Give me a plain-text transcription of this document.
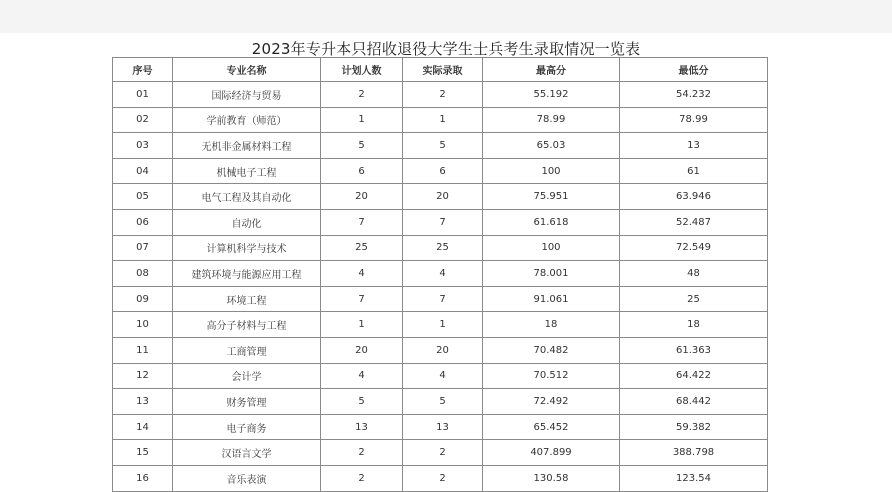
2023年专升本只招收退役大学生士兵考生录取情况一览表
序号	专业名称	计划人数	实际录取	最高分	最低分
01	国际经济与贸易	2	2	55.192	54.232
02	学前教育（师范）	1	1	78.99	78.99
03	无机非金属材料工程	5	5	65.03	13
04	机械电子工程	6	6	100	61
05	电气工程及其自动化	20	20	75.951	63.946
06	自动化	7	7	61.618	52.487
07	计算机科学与技术	25	25	100	72.549
08	建筑环境与能源应用工程	4	4	78.001	48
09	环境工程	7	7	91.061	25
10	高分子材料与工程	1	1	18	18
11	工商管理	20	20	70.482	61.363
12	会计学	4	4	70.512	64.422
13	财务管理	5	5	72.492	68.442
14	电子商务	13	13	65.452	59.382
15	汉语言文学	2	2	407.899	388.798
16	音乐表演	2	2	130.58	123.54
